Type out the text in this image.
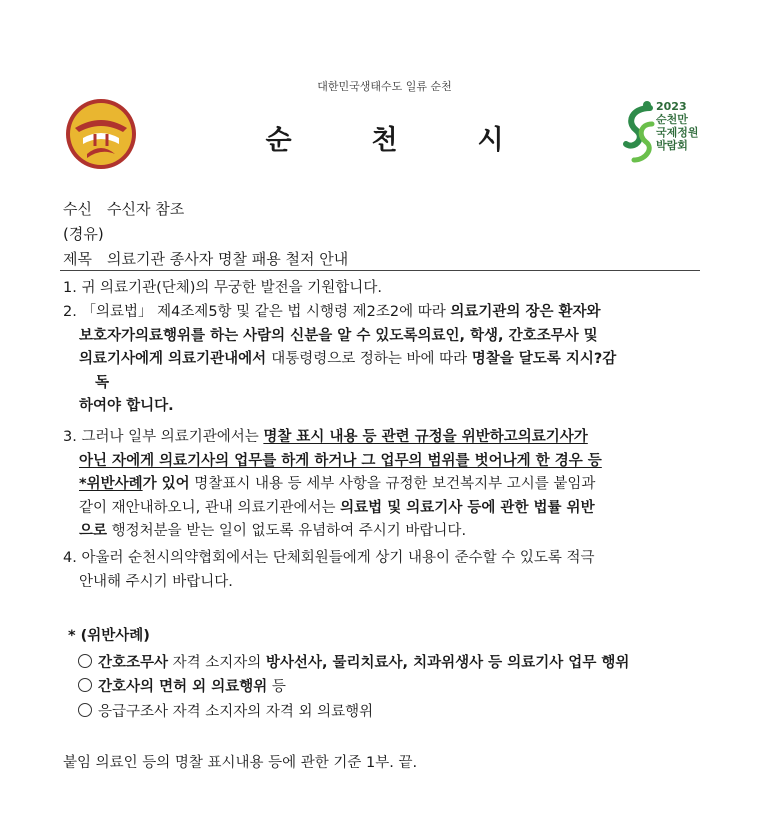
대한민국생태수도 일류 순천
순	천	시
2023
순천만
국제정원
박람회
수신 수신자 참조
(경유)
제목 의료기관 종사자 명찰 패용 철저 안내
1. 귀 의료기관(단체)의 무궁한 발전을 기원합니다.
2. 「의료법」 제4조제5항 및 같은 법 시행령 제2조2에 따라 의료기관의 장은 환자와
보호자가의료행위를 하는 사람의 신분을 알 수 있도록의료인, 학생, 간호조무사 및
의료기사에게 의료기관내에서 대통령령으로 정하는 바에 따라 명찰을 달도록 지시?감
독
하여야 합니다.
3. 그러나 일부 의료기관에서는 명찰 표시 내용 등 관련 규정을 위반하고의료기사가
아닌 자에게 의료기사의 업무를 하게 하거나 그 업무의 범위를 벗어나게 한 경우 등
*위반사례가 있어 명찰표시 내용 등 세부 사항을 규정한 보건복지부 고시를 붙임과
같이 재안내하오니, 관내 의료기관에서는 의료법 및 의료기사 등에 관한 법률 위반
으로 행정처분을 받는 일이 없도록 유념하여 주시기 바랍니다.
4. 아울러 순천시의약협회에서는 단체회원들에게 상기 내용이 준수할 수 있도록 적극
안내해 주시기 바랍니다.
* (위반사례)
간호조무사 자격 소지자의 방사선사, 물리치료사, 치과위생사 등 의료기사 업무 행위
간호사의 면허 외 의료행위 등
응급구조사 자격 소지자의 자격 외 의료행위
붙임 의료인 등의 명찰 표시내용 등에 관한 기준 1부. 끝.
